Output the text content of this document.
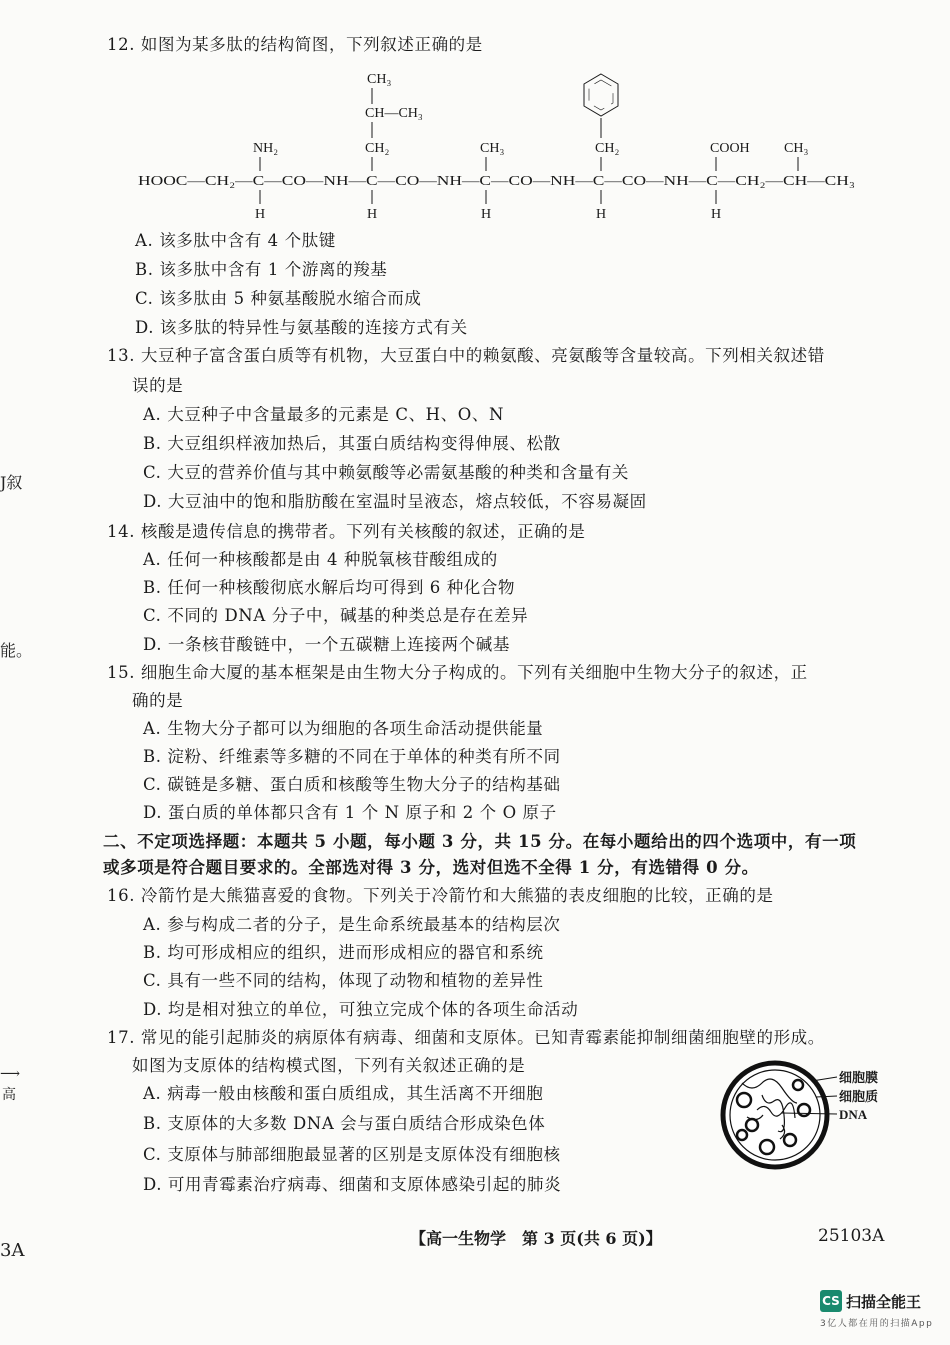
12. 如图为某多肽的结构简图，下列叙述正确的是
HOOC—CH₂—C—CO—NH—C—CO—NH—C—CO—NH—C—CO—NH—C—CH₂—CH—CH₃
NH₂	CH₂
CH—CH₃
CH₃
CH₃	CH₂	COOH CH₃
H	H	H	H	H
A. 该多肽中含有 4 个肽键
B. 该多肽中含有 1 个游离的羧基
C. 该多肽由 5 种氨基酸脱水缩合而成
D. 该多肽的特异性与氨基酸的连接方式有关
13. 大豆种子富含蛋白质等有机物，大豆蛋白中的赖氨酸、亮氨酸等含量较高。下列相关叙述错
误的是
A. 大豆种子中含量最多的元素是 C、H、O、N
B. 大豆组织样液加热后，其蛋白质结构变得伸展、松散
C. 大豆的营养价值与其中赖氨酸等必需氨基酸的种类和含量有关
D. 大豆油中的饱和脂肪酸在室温时呈液态，熔点较低，不容易凝固
14. 核酸是遗传信息的携带者。下列有关核酸的叙述，正确的是
A. 任何一种核酸都是由 4 种脱氧核苷酸组成的
B. 任何一种核酸彻底水解后均可得到 6 种化合物
C. 不同的 DNA 分子中，碱基的种类总是存在差异
D. 一条核苷酸链中，一个五碳糖上连接两个碱基
15. 细胞生命大厦的基本框架是由生物大分子构成的。下列有关细胞中生物大分子的叙述，正
确的是
A. 生物大分子都可以为细胞的各项生命活动提供能量
B. 淀粉、纤维素等多糖的不同在于单体的种类有所不同
C. 碳链是多糖、蛋白质和核酸等生物大分子的结构基础
D. 蛋白质的单体都只含有 1 个 N 原子和 2 个 O 原子
二、不定项选择题：本题共 5 小题，每小题 3 分，共 15 分。在每小题给出的四个选项中，有一项
或多项是符合题目要求的。全部选对得 3 分，选对但选不全得 1 分，有选错得 0 分。
16. 冷箭竹是大熊猫喜爱的食物。下列关于冷箭竹和大熊猫的表皮细胞的比较，正确的是
A. 参与构成二者的分子，是生命系统最基本的结构层次
B. 均可形成相应的组织，进而形成相应的器官和系统
C. 具有一些不同的结构，体现了动物和植物的差异性
D. 均是相对独立的单位，可独立完成个体的各项生命活动
17. 常见的能引起肺炎的病原体有病毒、细菌和支原体。已知青霉素能抑制细菌细胞壁的形成。
如图为支原体的结构模式图，下列有关叙述正确的是
A. 病毒一般由核酸和蛋白质组成，其生活离不开细胞
B. 支原体的大多数 DNA 会与蛋白质结合形成染色体
C. 支原体与肺部细胞最显著的区别是支原体没有细胞核
D. 可用青霉素治疗病毒、细菌和支原体感染引起的肺炎
细胞膜
细胞质
DNA
J叙
能。
⟶
高
3A
【高一生物学　第 3 页(共 6 页)】	25103A
CS 扫描全能王
3亿人都在用的扫描App
